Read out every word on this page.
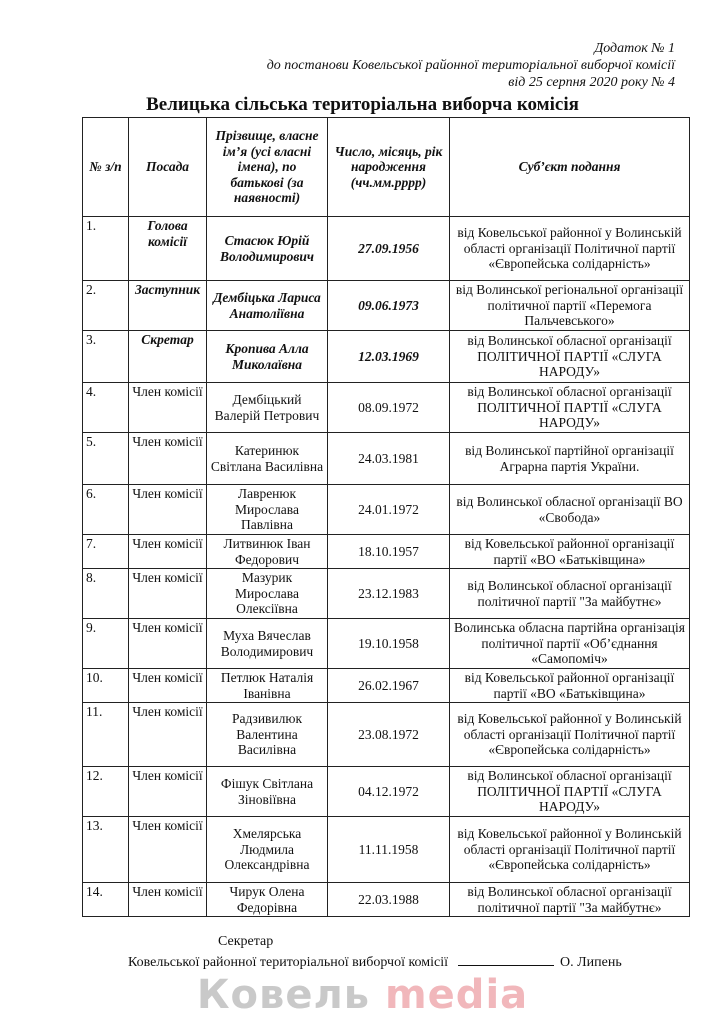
Додаток № 1
до постанови Ковельської районної територіальної виборчої комісії
від 25 серпня 2020 року № 4
Велицька сільська територіальна виборча комісія
№ з/п	Посада	Прізвище, власне ім’я (усі власні імена), по батькові (за наявності)	Число, місяць, рік народження (чч.мм.рррр)	Суб’єкт подання
1.	Голова комісії	Стасюк Юрій Володимирович	27.09.1956	від Ковельської районної у Волинській області організації Політичної партії «Європейська солідарність»
2.	Заступник	Дембіцька Лариса Анатоліївна	09.06.1973	від Волинської регіональної організації політичної партії «Перемога Пальчевського»
3.	Скретар	Кропива Алла Миколаївна	12.03.1969	від Волинської обласної організації ПОЛІТИЧНОЇ ПАРТІЇ «СЛУГА НАРОДУ»
4.	Член комісії	Дембіцький Валерій Петрович	08.09.1972	від Волинської обласної організації ПОЛІТИЧНОЇ ПАРТІЇ «СЛУГА НАРОДУ»
5.	Член комісії	Катеринюк Світлана Василівна	24.03.1981	від Волинської партійної організації Аграрна партія України.
6.	Член комісії	Лавренюк Мирослава Павлівна	24.01.1972	від Волинської обласної організації ВО «Свобода»
7.	Член комісії	Литвинюк Іван Федорович	18.10.1957	від Ковельської районної організації партії «ВО «Батьківщина»
8.	Член комісії	Мазурик Мирослава Олексіївна	23.12.1983	від Волинської обласної організації політичної партії "За майбутнє»
9.	Член комісії	Муха Вячеслав Володимирович	19.10.1958	Волинська обласна партійна організація політичної партії «Об’єднання «Самопоміч»
10.	Член комісії	Петлюк Наталія Іванівна	26.02.1967	від Ковельської районної організації партії «ВО «Батьківщина»
11.	Член комісії	Радзивилюк Валентина Василівна	23.08.1972	від Ковельської районної у Волинській області організації Політичної партії «Європейська солідарність»
12.	Член комісії	Фішук Світлана Зіновіївна	04.12.1972	від Волинської обласної організації ПОЛІТИЧНОЇ ПАРТІЇ «СЛУГА НАРОДУ»
13.	Член комісії	Хмелярська Людмила Олександрівна	11.11.1958	від Ковельської районної у Волинській області організації Політичної партії «Європейська солідарність»
14.	Член комісії	Чирук Олена Федорівна	22.03.1988	від Волинської обласної організації політичної партії "За майбутнє»
Секретар
Ковельської районної територіальної виборчої комісії	О. Липень
Ковель media
